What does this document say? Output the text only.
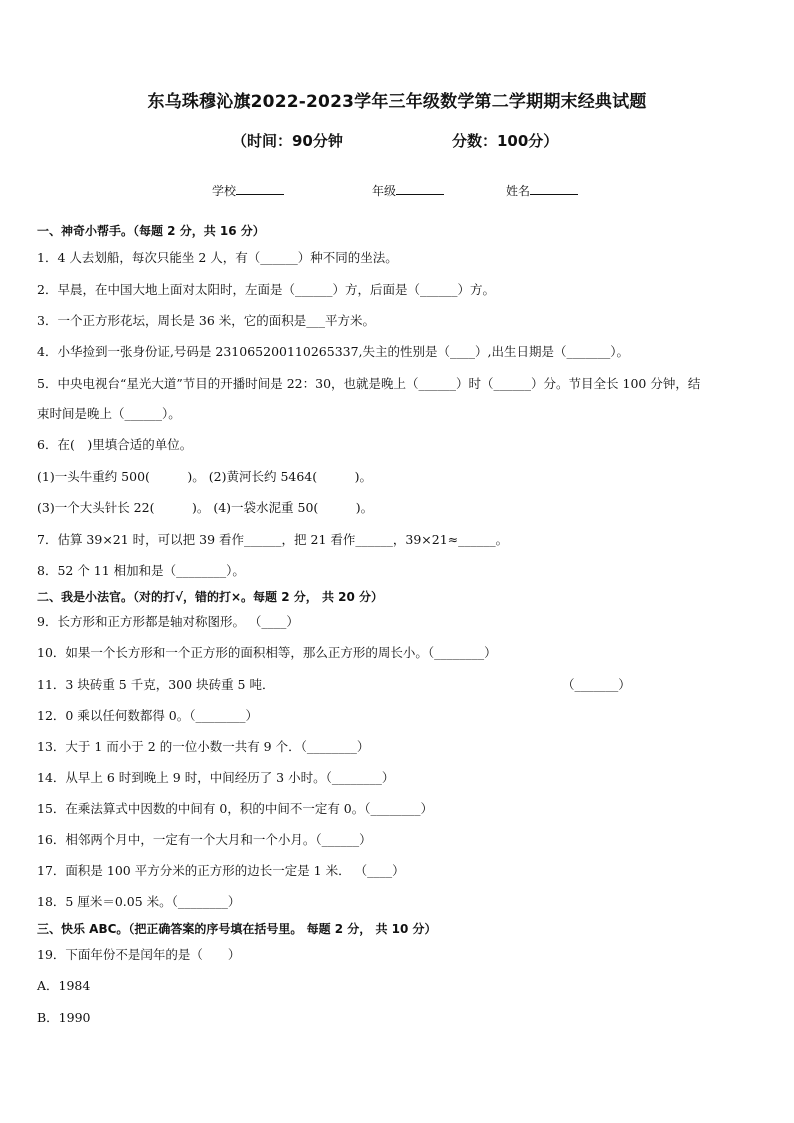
东乌珠穆沁旗2022-2023学年三年级数学第二学期期末经典试题
（时间：90分钟	分数：100分）
学校	年级	姓名
一、神奇小帮手。（每题 2 分，共 16 分）
1．4 人去划船，每次只能坐 2 人，有（______）种不同的坐法。
2．早晨，在中国大地上面对太阳时，左面是（______）方，后面是（______）方。
3．一个正方形花坛，周长是 36 米，它的面积是___平方米。
4．小华捡到一张身份证,号码是 231065200110265337,失主的性别是（____）,出生日期是（_______）。
5．中央电视台“星光大道”节目的开播时间是 22：30，也就是晚上（______）时（______）分。节目全长 100 分钟，结
束时间是晚上（______）。
6．在(　)里填合适的单位。
(1)一头牛重约 500(　　　)。 (2)黄河长约 5464(　　　)。
(3)一个大头针长 22(　　　)。 (4)一袋水泥重 50(　　　)。
7．估算 39×21 时，可以把 39 看作______，把 21 看作______，39×21≈______。
8．52 个 11 相加和是（________）。
二、我是小法官。（对的打√，错的打×。每题 2 分， 共 20 分）
9．长方形和正方形都是轴对称图形。 （____）
10．如果一个长方形和一个正方形的面积相等，那么正方形的周长小。（________）
11．3 块砖重 5 千克，300 块砖重 5 吨．	（_______）
12．0 乘以任何数都得 0。（________）
13．大于 1 而小于 2 的一位小数一共有 9 个．（________）
14．从早上 6 时到晚上 9 时，中间经历了 3 小时。（________）
15．在乘法算式中因数的中间有 0，积的中间不一定有 0。（________）
16．相邻两个月中，一定有一个大月和一个小月。（______）
17．面积是 100 平方分米的正方形的边长一定是 1 米． （____）
18．5 厘米＝0.05 米。（________）
三、快乐 ABC。（把正确答案的序号填在括号里。 每题 2 分， 共 10 分）
19．下面年份不是闰年的是（　　）
A．1984
B．1990
